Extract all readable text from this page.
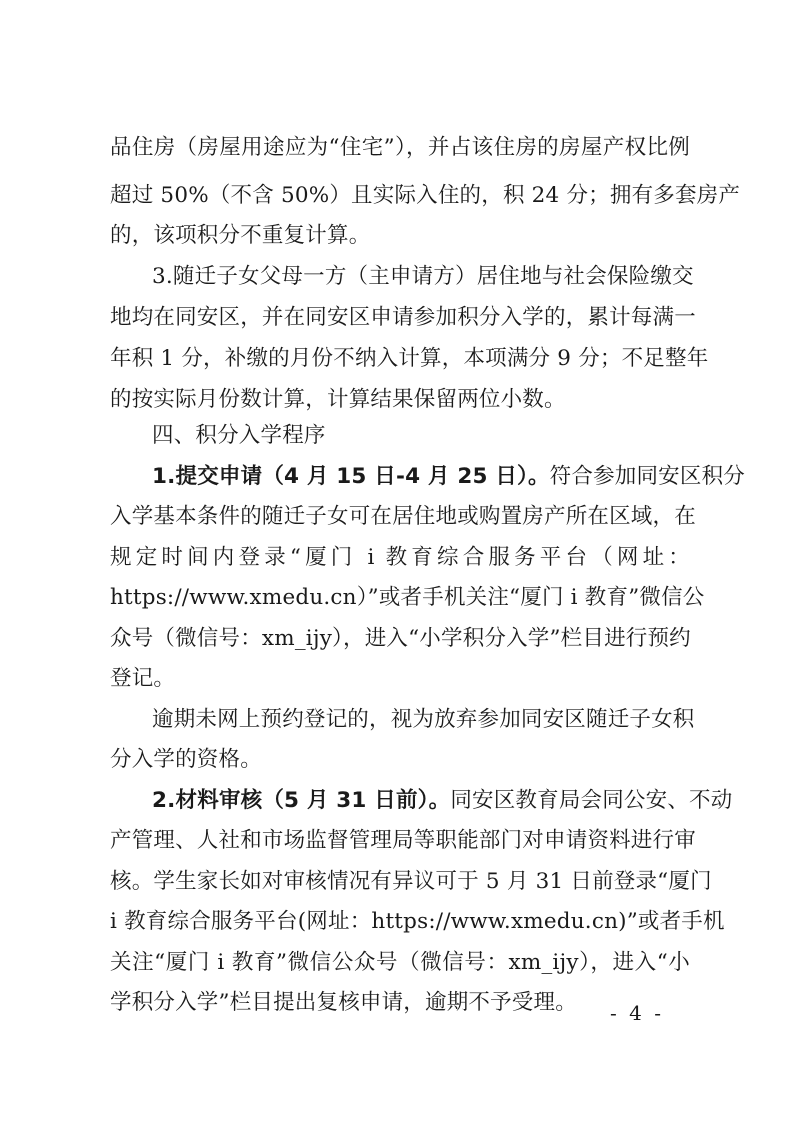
品住房（房屋用途应为“住宅”），并占该住房的房屋产权比例
超过 50%（不含 50%）且实际入住的，积 24 分；拥有多套房产
的，该项积分不重复计算。
3.随迁子女父母一方（主申请方）居住地与社会保险缴交
地均在同安区，并在同安区申请参加积分入学的，累计每满一
年积 1 分，补缴的月份不纳入计算，本项满分 9 分；不足整年
的按实际月份数计算，计算结果保留两位小数。
四、积分入学程序
1.提交申请（4 月 15 日-4 月 25 日）。符合参加同安区积分
入学基本条件的随迁子女可在居住地或购置房产所在区域，在
规定时间内登录“厦门 i 教育综合服务平台（网址：
https://www.xmedu.cn）”或者手机关注“厦门 i 教育”微信公
众号（微信号：xm_ijy），进入“小学积分入学”栏目进行预约
登记。
逾期未网上预约登记的，视为放弃参加同安区随迁子女积
分入学的资格。
2.材料审核（5 月 31 日前）。同安区教育局会同公安、不动
产管理、人社和市场监督管理局等职能部门对申请资料进行审
核。学生家长如对审核情况有异议可于 5 月 31 日前登录“厦门
i 教育综合服务平台(网址：https://www.xmedu.cn)”或者手机
关注“厦门 i 教育”微信公众号（微信号：xm_ijy），进入“小
学积分入学”栏目提出复核申请，逾期不予受理。	- 4 -
